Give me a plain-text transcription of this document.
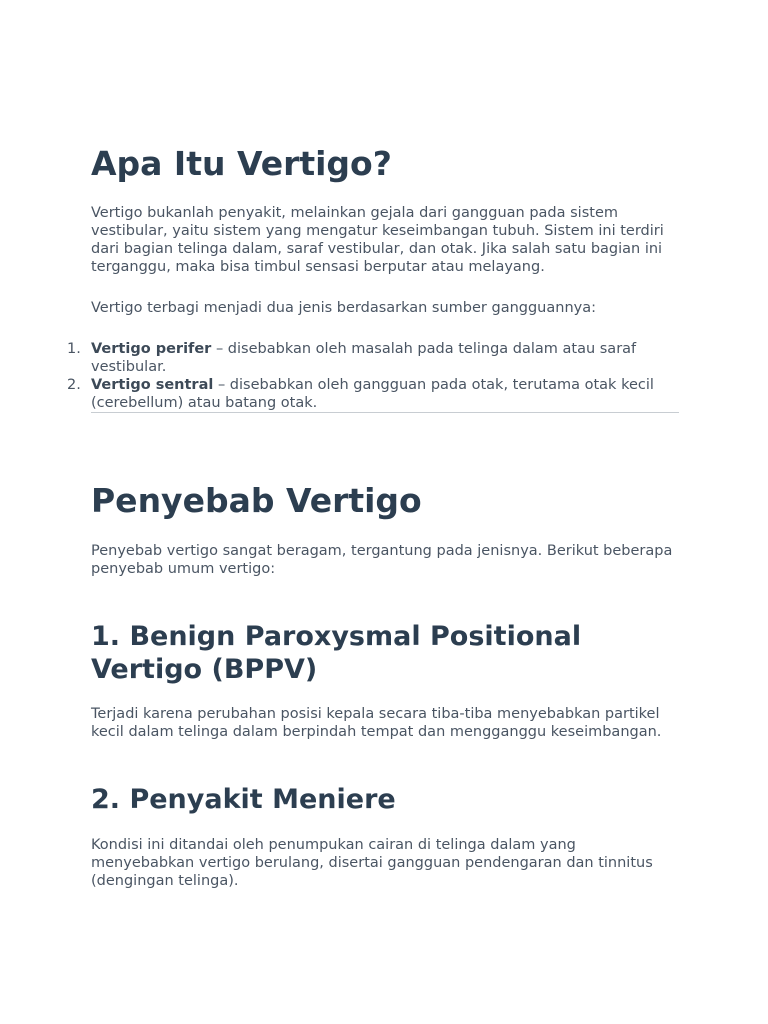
Apa Itu Vertigo?

Vertigo bukanlah penyakit, melainkan gejala dari gangguan pada sistem vestibular, yaitu sistem yang mengatur keseimbangan tubuh. Sistem ini terdiri dari bagian telinga dalam, saraf vestibular, dan otak. Jika salah satu bagian ini terganggu, maka bisa timbul sensasi berputar atau melayang.

Vertigo terbagi menjadi dua jenis berdasarkan sumber gangguannya:

1. Vertigo perifer – disebabkan oleh masalah pada telinga dalam atau saraf vestibular.
2. Vertigo sentral – disebabkan oleh gangguan pada otak, terutama otak kecil (cerebellum) atau batang otak.
Penyebab Vertigo

Penyebab vertigo sangat beragam, tergantung pada jenisnya. Berikut beberapa penyebab umum vertigo:

1. Benign Paroxysmal Positional Vertigo (BPPV)

Terjadi karena perubahan posisi kepala secara tiba-tiba menyebabkan partikel kecil dalam telinga dalam berpindah tempat dan mengganggu keseimbangan.

2. Penyakit Meniere

Kondisi ini ditandai oleh penumpukan cairan di telinga dalam yang menyebabkan vertigo berulang, disertai gangguan pendengaran dan tinnitus (dengingan telinga).
